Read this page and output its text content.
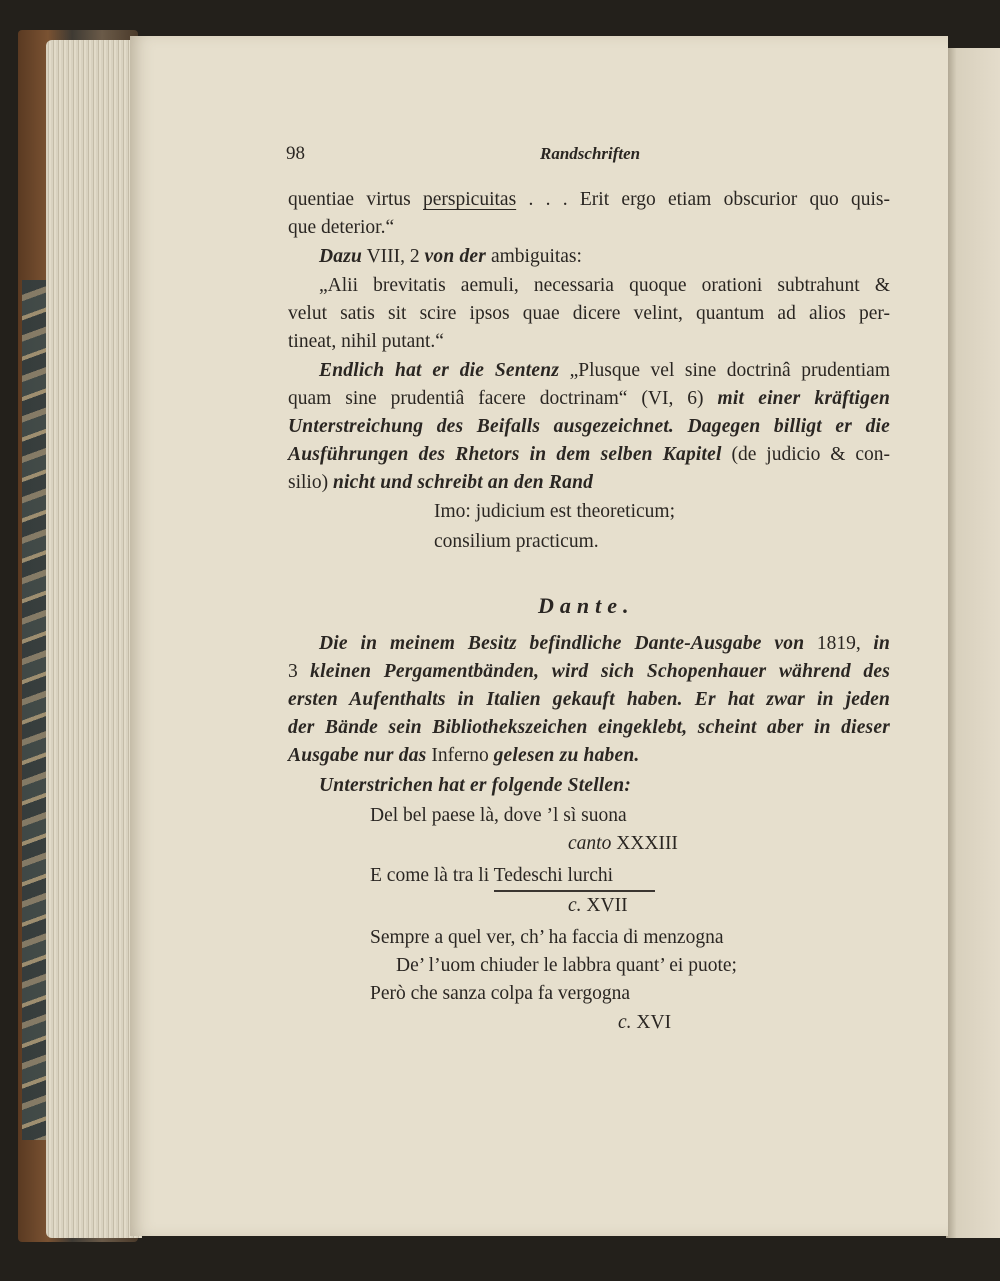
98	Randschriften
quentiae virtus perspicuitas . . . Erit ergo etiam obscurior quo quis-
que deterior.“
Dazu VIII, 2 von der ambiguitas:
„Alii brevitatis aemuli, necessaria quoque orationi subtrahunt &
velut satis sit scire ipsos quae dicere velint, quantum ad alios per-
tineat, nihil putant.“
Endlich hat er die Sentenz „Plusque vel sine doctrinâ prudentiam
quam sine prudentiâ facere doctrinam“ (VI, 6) mit einer kräftigen
Unterstreichung des Beifalls ausgezeichnet. Dagegen billigt er die
Ausführungen des Rhetors in dem selben Kapitel (de judicio & con-
silio) nicht und schreibt an den Rand
Imo: judicium est theoreticum;
consilium practicum.
Dante.
Die in meinem Besitz befindliche Dante-Ausgabe von 1819, in
3 kleinen Pergamentbänden, wird sich Schopenhauer während des
ersten Aufenthalts in Italien gekauft haben. Er hat zwar in jeden
der Bände sein Bibliothekszeichen eingeklebt, scheint aber in dieser
Ausgabe nur das Inferno gelesen zu haben.
Unterstrichen hat er folgende Stellen:
Del bel paese là, dove ’l sì suona
canto XXXIII
E come là tra li Tedeschi lurchi
c. XVII
Sempre a quel ver, ch’ ha faccia di menzogna
De’ l’uom chiuder le labbra quant’ ei puote;
Però che sanza colpa fa vergogna
c. XVI
